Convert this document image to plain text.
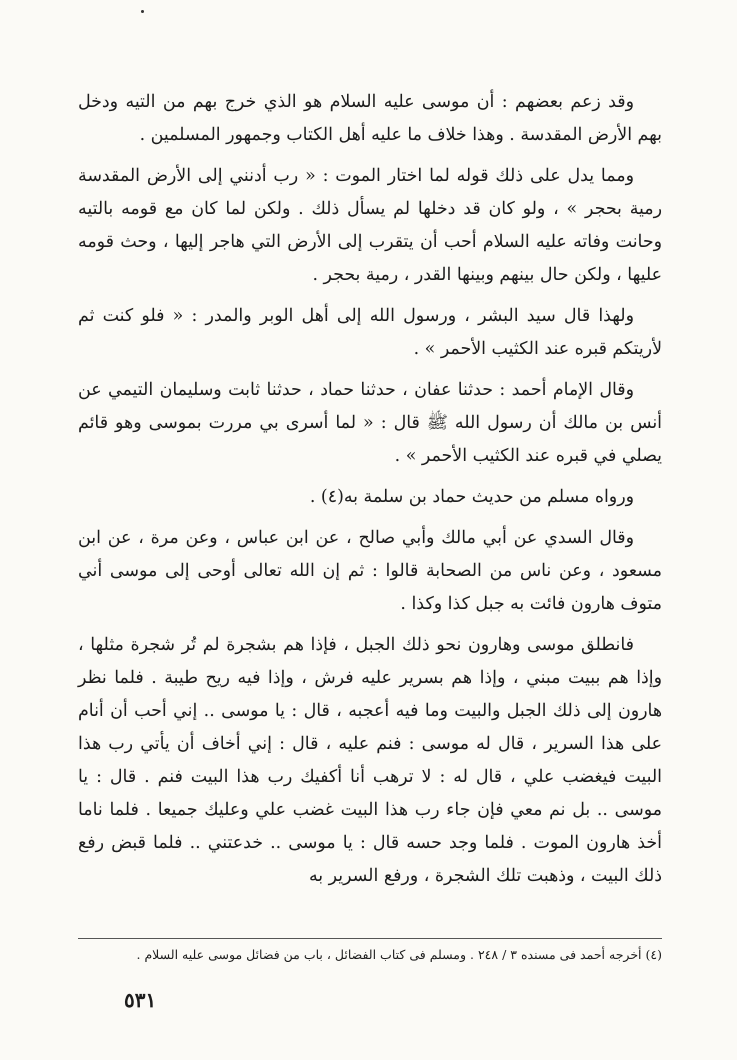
وقد زعم بعضهم : أن موسى عليه السلام هو الذي خرج بهم من التيه ودخل بهم الأرض المقدسة . وهذا خلاف ما عليه أهل الكتاب وجمهور المسلمين .

ومما يدل على ذلك قوله لما اختار الموت : « رب أدنني إلى الأرض المقدسة رمية بحجر » ، ولو كان قد دخلها لم يسأل ذلك . ولكن لما كان مع قومه بالتيه وحانت وفاته عليه السلام أحب أن يتقرب إلى الأرض التي هاجر إليها ، وحث قومه عليها ، ولكن حال بينهم وبينها القدر ، رمية بحجر .

ولهذا قال سيد البشر ، ورسول الله إلى أهل الوبر والمدر : « فلو كنت ثم لأريتكم قبره عند الكثيب الأحمر » .

وقال الإمام أحمد : حدثنا عفان ، حدثنا حماد ، حدثنا ثابت وسليمان التيمي عن أنس بن مالك أن رسول الله ﷺ قال : « لما أسرى بي مررت بموسى وهو قائم يصلي في قبره عند الكثيب الأحمر » .

ورواه مسلم من حديث حماد بن سلمة به(٤) .

وقال السدي عن أبي مالك وأبي صالح ، عن ابن عباس ، وعن مرة ، عن ابن مسعود ، وعن ناس من الصحابة قالوا : ثم إن الله تعالى أوحى إلى موسى أني متوف هارون فائت به جبل كذا وكذا .

فانطلق موسى وهارون نحو ذلك الجبل ، فإذا هم بشجرة لم تُر شجرة مثلها ، وإذا هم ببيت مبني ، وإذا هم بسرير عليه فرش ، وإذا فيه ريح طيبة . فلما نظر هارون إلى ذلك الجبل والبيت وما فيه أعجبه ، قال : يا موسى .. إني أحب أن أنام على هذا السرير ، قال له موسى : فنم عليه ، قال : إني أخاف أن يأتي رب هذا البيت فيغضب علي ، قال له : لا ترهب أنا أكفيك رب هذا البيت فنم . قال : يا موسى .. بل نم معي فإن جاء رب هذا البيت غضب علي وعليك جميعا . فلما ناما أخذ هارون الموت . فلما وجد حسه قال : يا موسى .. خدعتني .. فلما قبض رفع ذلك البيت ، وذهبت تلك الشجرة ، ورفع السرير به

(٤) أخرجه أحمد فى مسنده ٣ / ٢٤٨ . ومسلم فى كتاب الفضائل ، باب من فضائل موسى عليه السلام .
٥٣١
